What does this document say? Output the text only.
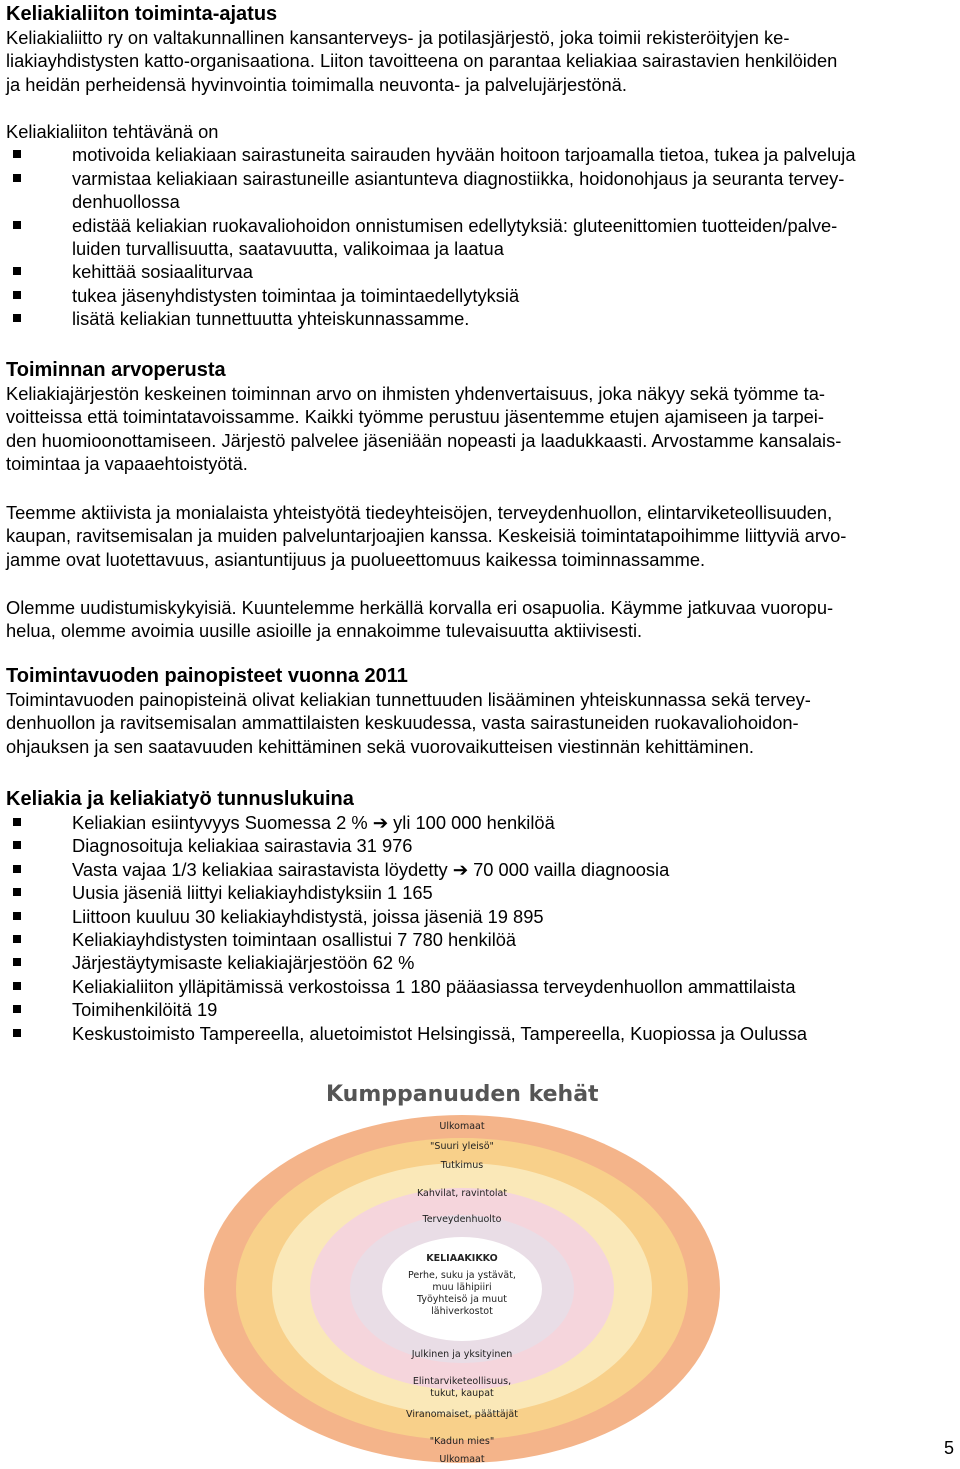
Keliakialiiton toiminta-ajatus

Keliakialiitto ry on valtakunnallinen kansanterveys- ja potilasjärjestö, joka toimii rekisteröityjen ke-

liakiayhdistysten katto-organisaationa. Liiton tavoitteena on parantaa keliakiaa sairastavien henkilöiden

ja heidän perheidensä hyvinvointia toimimalla neuvonta- ja palvelujärjestönä.

Keliakialiiton tehtävänä on

motivoida keliakiaan sairastuneita sairauden hyvään hoitoon tarjoamalla tietoa, tukea ja palveluja
varmistaa keliakiaan sairastuneille asiantunteva diagnostiikka, hoidonohjaus ja seuranta tervey-
denhuollossa
edistää keliakian ruokavaliohoidon onnistumisen edellytyksiä: gluteenittomien tuotteiden/palve-
luiden turvallisuutta, saatavuutta, valikoimaa ja laatua
kehittää sosiaaliturvaa
tukea jäsenyhdistysten toimintaa ja toimintaedellytyksiä
lisätä keliakian tunnettuutta yhteiskunnassamme.
Toiminnan arvoperusta

Keliakiajärjestön keskeinen toiminnan arvo on ihmisten yhdenvertaisuus, joka näkyy sekä työmme ta-

voitteissa että toimintatavoissamme. Kaikki työmme perustuu jäsentemme etujen ajamiseen ja tarpei-

den huomioonottamiseen. Järjestö palvelee jäseniään nopeasti ja laadukkaasti. Arvostamme kansalais-

toimintaa ja vapaaehtoistyötä.

Teemme aktiivista ja monialaista yhteistyötä tiedeyhteisöjen, terveydenhuollon, elintarviketeollisuuden,

kaupan, ravitsemisalan ja muiden palveluntarjoajien kanssa. Keskeisiä toimintatapoihimme liittyviä arvo-

jamme ovat luotettavuus, asiantuntijuus ja puolueettomuus kaikessa toiminnassamme.

Olemme uudistumiskykyisiä. Kuuntelemme herkällä korvalla eri osapuolia. Käymme jatkuvaa vuoropu-

helua, olemme avoimia uusille asioille ja ennakoimme tulevaisuutta aktiivisesti.

Toimintavuoden painopisteet vuonna 2011

Toimintavuoden painopisteinä olivat keliakian tunnettuuden lisääminen yhteiskunnassa sekä tervey-

denhuollon ja ravitsemisalan ammattilaisten keskuudessa, vasta sairastuneiden ruokavaliohoidon-

ohjauksen ja sen saatavuuden kehittäminen sekä vuorovaikutteisen viestinnän kehittäminen.

Keliakia ja keliakiatyö tunnuslukuina
Keliakian esiintyvyys Suomessa 2 % ➔ yli 100 000 henkilöä
Diagnosoituja keliakiaa sairastavia 31 976
Vasta vajaa 1/3 keliakiaa sairastavista löydetty ➔ 70 000 vailla diagnoosia
Uusia jäseniä liittyi keliakiayhdistyksiin 1 165
Liittoon kuuluu 30 keliakiayhdistystä, joissa jäseniä 19 895
Keliakiayhdistysten toimintaan osallistui 7 780 henkilöä
Järjestäytymisaste keliakiajärjestöön 62 %
Keliakialiiton ylläpitämissä verkostoissa 1 180 pääasiassa terveydenhuollon ammattilaista
Toimihenkilöitä 19
Keskustoimisto Tampereella, aluetoimistot Helsingissä, Tampereella, Kuopiossa ja Oulussa
Kumppanuuden kehät
Ulkomaat
"Suuri yleisö"
Tutkimus
Kahvilat, ravintolat
Terveydenhuolto
KELIAAKIKKO
Perhe, suku ja ystävät,
muu lähipiiri
Työyhteisö ja muut
lähiverkostot
Julkinen ja yksityinen
Elintarviketeollisuus,
tukut, kaupat
Viranomaiset, päättäjät
"Kadun mies"
Ulkomaat
5
